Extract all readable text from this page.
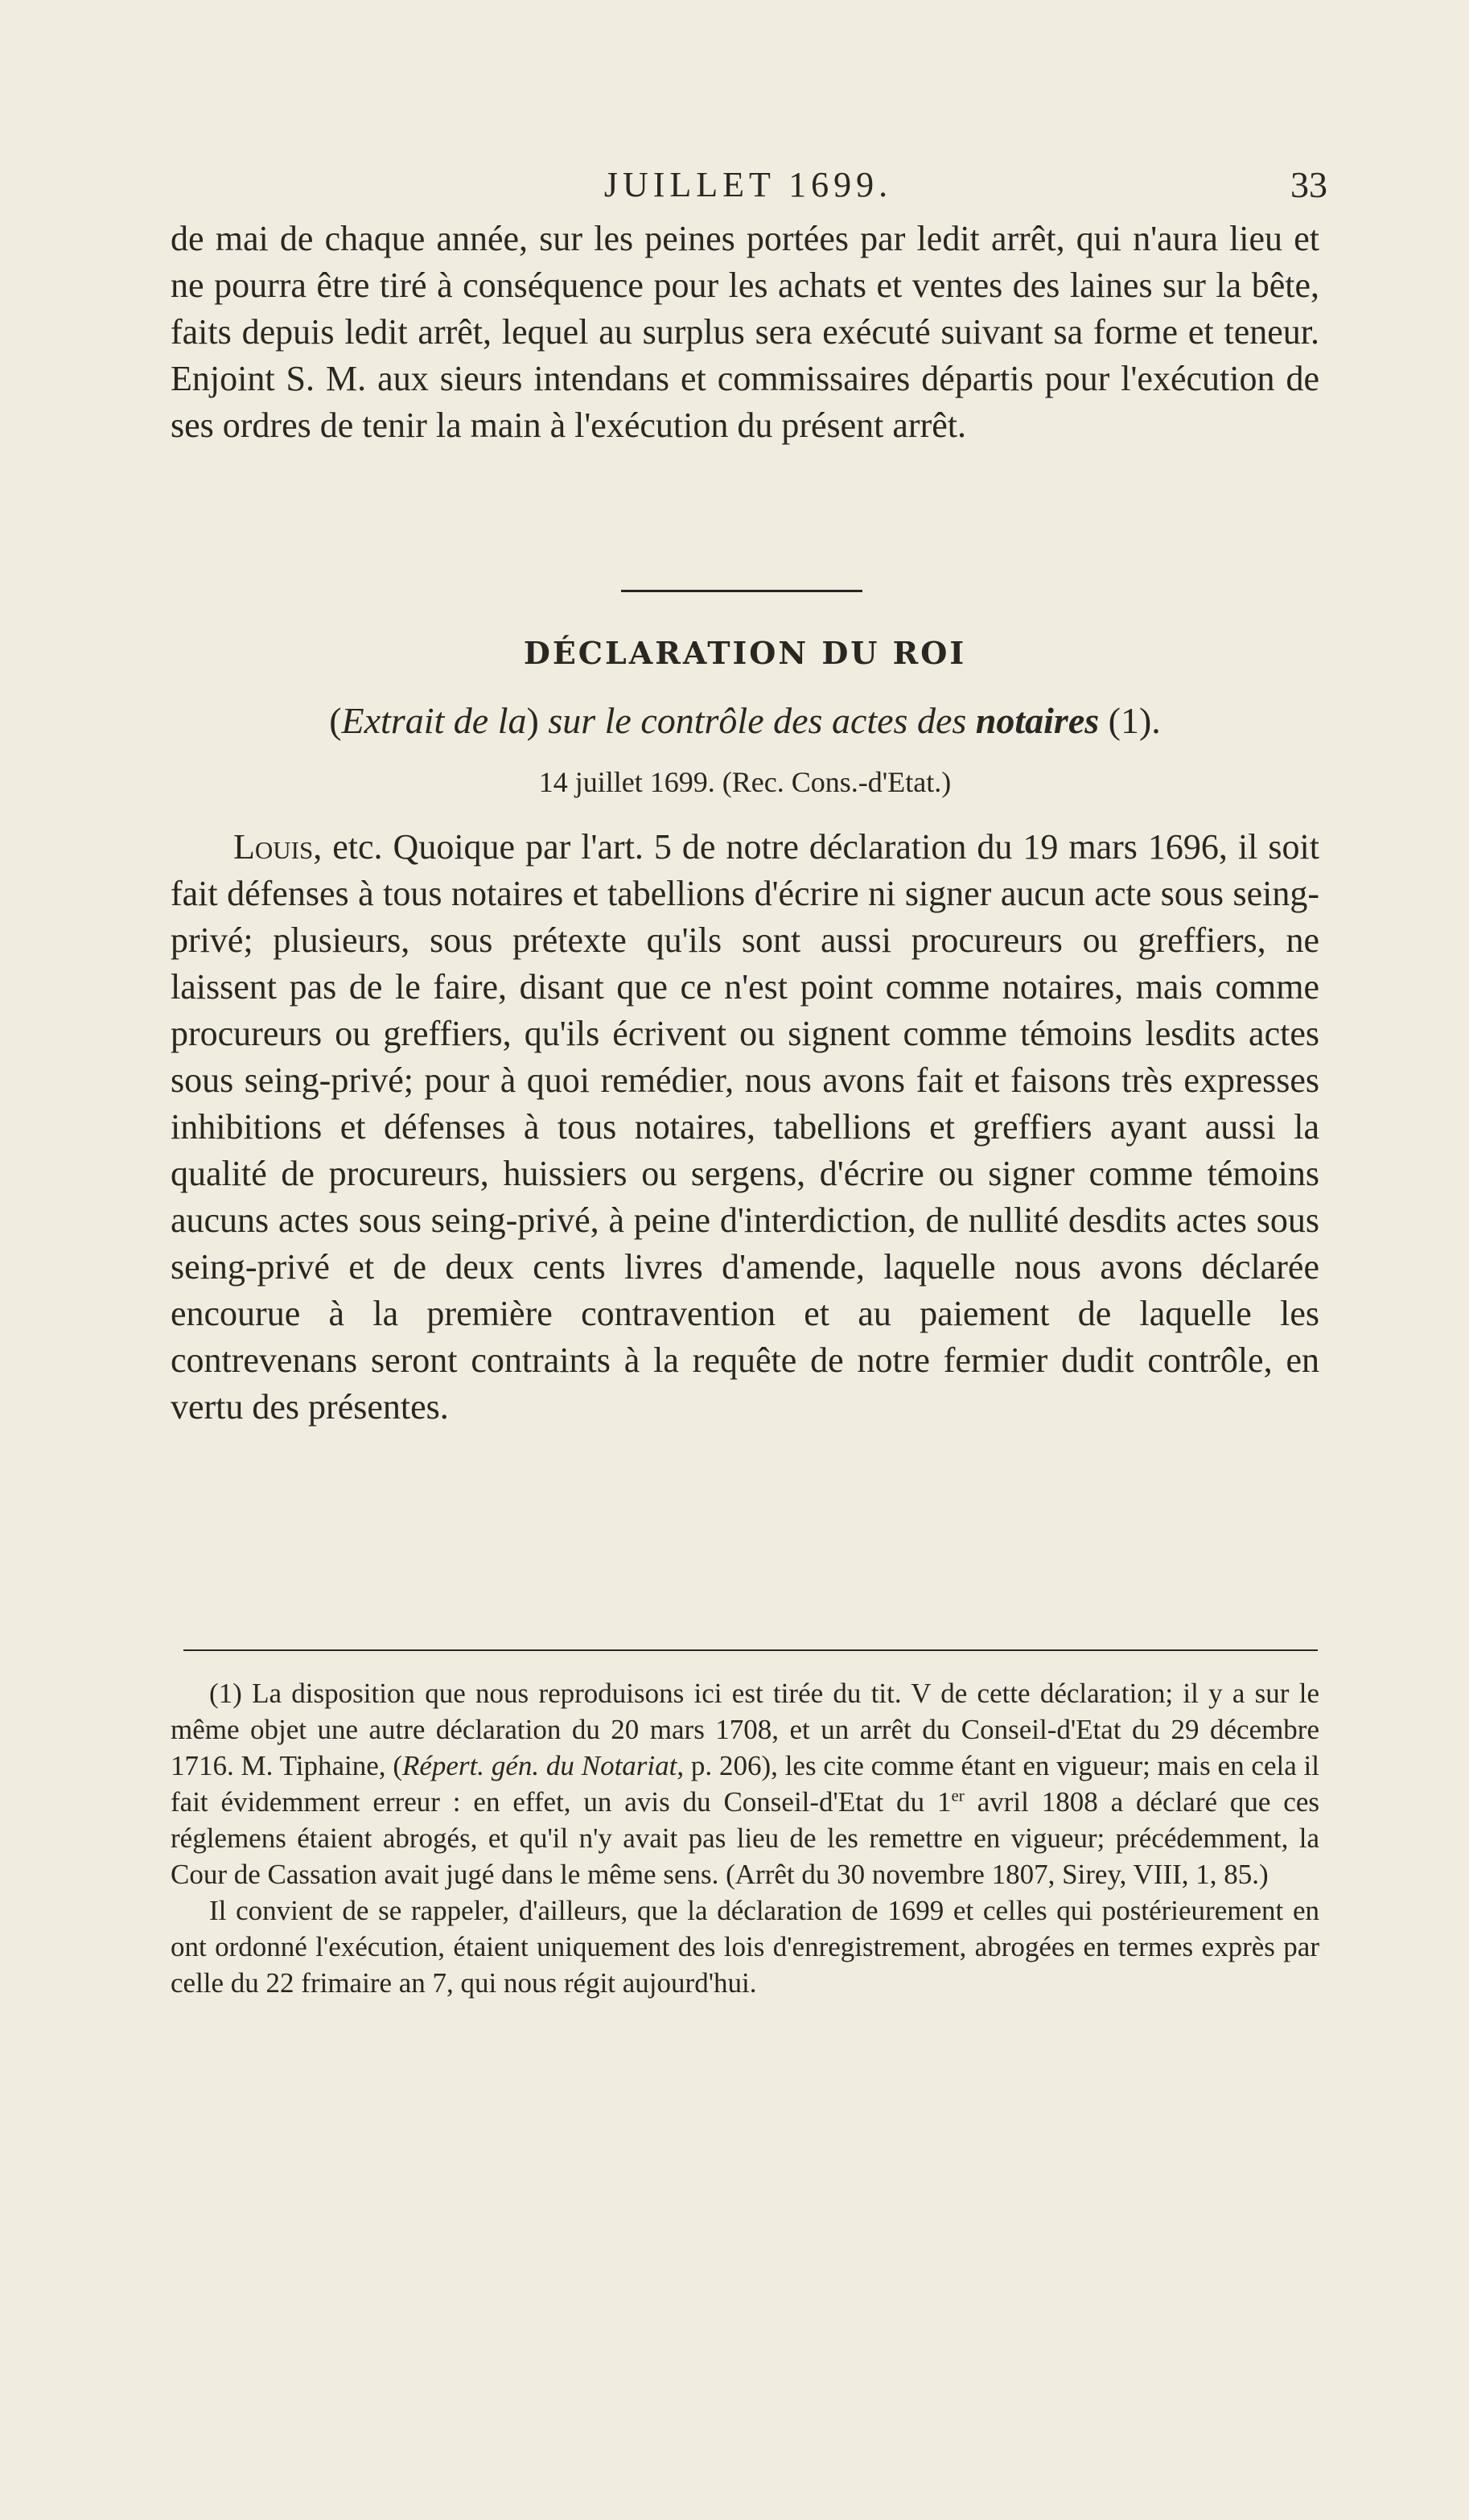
JUILLET 1699.	33

de mai de chaque année, sur les peines portées par ledit arrêt, qui n'aura lieu et ne pourra être tiré à conséquence pour les achats et ventes des laines sur la bête, faits depuis ledit arrêt, lequel au surplus sera exécuté suivant sa forme et teneur. Enjoint S. M. aux sieurs intendans et commissaires départis pour l'exécution de ses ordres de tenir la main à l'exécution du présent arrêt.

DÉCLARATION DU ROI
(Extrait de la) sur le contrôle des actes des notaires (1).
14 juillet 1699. (Rec. Cons.-d'Etat.)

Louis, etc. Quoique par l'art. 5 de notre déclaration du 19 mars 1696, il soit fait défenses à tous notaires et tabellions d'écrire ni signer aucun acte sous seing-privé; plusieurs, sous prétexte qu'ils sont aussi procureurs ou greffiers, ne laissent pas de le faire, disant que ce n'est point comme notaires, mais comme procureurs ou greffiers, qu'ils écrivent ou signent comme témoins lesdits actes sous seing-privé; pour à quoi remédier, nous avons fait et faisons très expresses inhibitions et défenses à tous notaires, tabellions et greffiers ayant aussi la qualité de procureurs, huissiers ou sergens, d'écrire ou signer comme témoins aucuns actes sous seing-privé, à peine d'interdiction, de nullité desdits actes sous seing-privé et de deux cents livres d'amende, laquelle nous avons déclarée encourue à la première contravention et au paiement de laquelle les contrevenans seront contraints à la requête de notre fermier dudit contrôle, en vertu des présentes.

(1) La disposition que nous reproduisons ici est tirée du tit. V de cette déclaration; il y a sur le même objet une autre déclaration du 20 mars 1708, et un arrêt du Conseil-d'Etat du 29 décembre 1716. M. Tiphaine, (Répert. gén. du Notariat, p. 206), les cite comme étant en vigueur; mais en cela il fait évidemment erreur : en effet, un avis du Conseil-d'Etat du 1er avril 1808 a déclaré que ces réglemens étaient abrogés, et qu'il n'y avait pas lieu de les remettre en vigueur; précédemment, la Cour de Cassation avait jugé dans le même sens. (Arrêt du 30 novembre 1807, Sirey, VIII, 1, 85.)

Il convient de se rappeler, d'ailleurs, que la déclaration de 1699 et celles qui postérieurement en ont ordonné l'exécution, étaient uniquement des lois d'enregistrement, abrogées en termes exprès par celle du 22 frimaire an 7, qui nous régit aujourd'hui.
